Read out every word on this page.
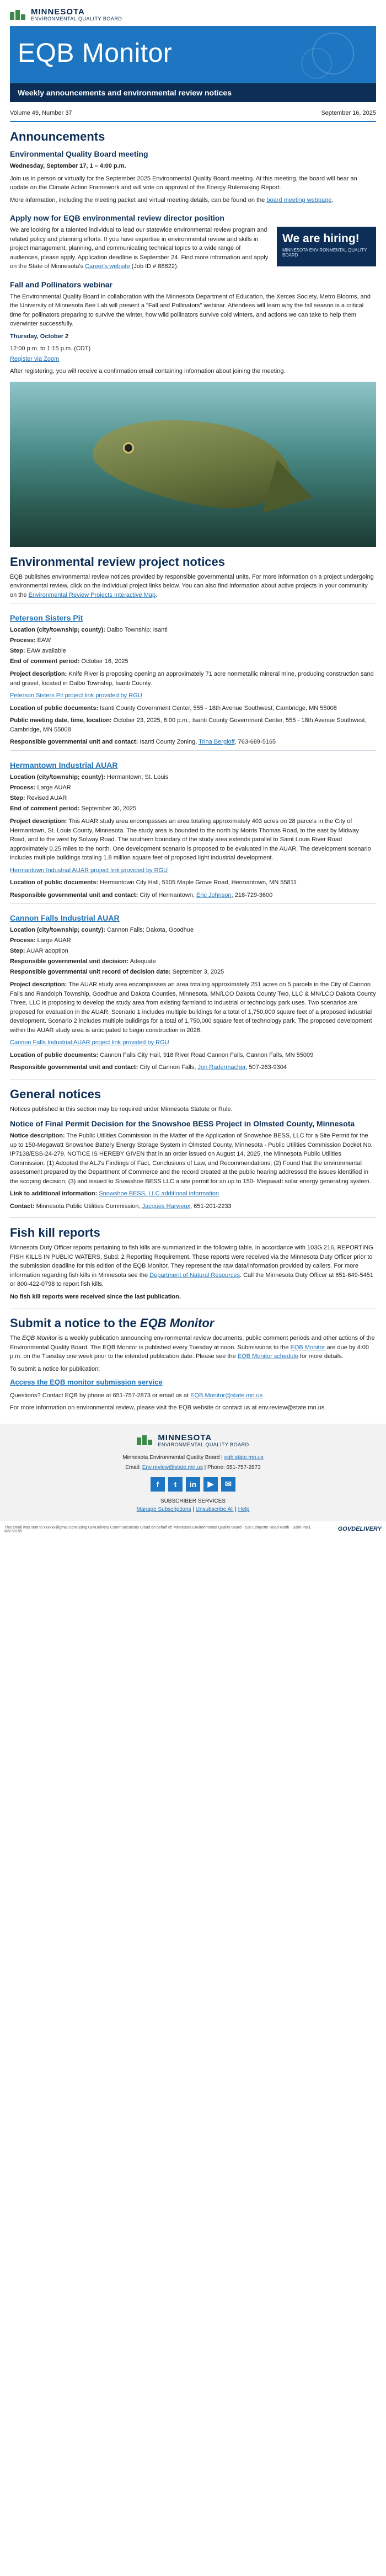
MINNESOTA
ENVIRONMENTAL QUALITY BOARD
EQB Monitor
Weekly announcements and environmental review notices
Volume 49, Number 37	September 16, 2025
Announcements
Environmental Quality Board meeting

Wednesday, September 17, 1 – 4:00 p.m.

Join us in person or virtually for the September 2025 Environmental Quality Board meeting. At this meeting, the board will hear an update on the Climate Action Framework and will vote on approval of the Energy Rulemaking Report.

More information, including the meeting packet and virtual meeting details, can be found on the board meeting webpage.

Apply now for EQB environmental review director position

We are looking for a talented individual to lead our statewide environmental review program and related policy and planning efforts. If you have expertise in environmental review and skills in project management, planning, and communicating technical topics to a wide range of audiences, please apply. Application deadline is September 24. Find more information and apply on the State of Minnesota's Career's website (Job ID # 88622).

We are hiring!
MINNESOTA ENVIRONMENTAL QUALITY BOARD
Fall and Pollinators webinar

The Environmental Quality Board in collaboration with the Minnesota Department of Education, the Xerces Society, Metro Blooms, and the University of Minnesota Bee Lab will present a "Fall and Pollinators" webinar. Attendees will learn why the fall season is a critical time for pollinators preparing to survive the winter, how wild pollinators survive cold winters, and actions we can take to help them overwinter successfully.

Thursday, October 2

12:00 p.m. to 1:15 p.m. (CDT)

Register via Zoom

After registering, you will receive a confirmation email containing information about joining the meeting.

Environmental review project notices

EQB publishes environmental review notices provided by responsible governmental units. For more information on a project undergoing environmental review, click on the individual project links below. You can also find information about active projects in your community on the Environmental Review Projects Interactive Map.

Peterson Sisters Pit
Location (city/township; county): Dalbo Township; Isanti
Process: EAW
Step: EAW available
End of comment period: October 16, 2025

Project description: Knife River is proposing opening an approximately 71 acre nonmetallic mineral mine, producing construction sand and gravel, located in Dalbo Township, Isanti County.

Peterson Sisters Pit project link provided by RGU

Location of public documents: Isanti County Government Center, 555 - 18th Avenue Southwest, Cambridge, MN 55008

Public meeting date, time, location: October 23, 2025, 6:00 p.m., Isanti County Government Center, 555 - 18th Avenue Southwest, Cambridge, MN 55008

Responsible governmental unit and contact: Isanti County Zoning, Trina Bergloff, 763-689-5165

Hermantown Industrial AUAR
Location (city/township; county): Hermantown; St. Louis
Process: Large AUAR
Step: Revised AUAR
End of comment period: September 30, 2025

Project description: This AUAR study area encompasses an area totaling approximately 403 acres on 28 parcels in the City of Hermantown, St. Louis County, Minnesota. The study area is bounded to the north by Morris Thomas Road, to the east by Midway Road, and to the west by Solway Road. The southern boundary of the study area extends parallel to Saint Louis River Road approximately 0.25 miles to the north. One development scenario is proposed to be evaluated in the AUAR. The development scenario includes multiple buildings totaling 1.8 million square feet of proposed light industrial development.

Hermantown Industrial AUAR project link provided by RGU

Location of public documents: Hermantown City Hall, 5105 Maple Grove Road, Hermantown, MN 55811

Responsible governmental unit and contact: City of Hermantown, Eric Johnson, 218-729-3600

Cannon Falls Industrial AUAR
Location (city/township; county): Cannon Falls; Dakota, Goodhue
Process: Large AUAR
Step: AUAR adoption
Responsible governmental unit decision: Adequate
Responsible governmental unit record of decision date: September 3, 2025

Project description: The AUAR study area encompasses an area totaling approximately 251 acres on 5 parcels in the City of Cannon Falls and Randolph Township, Goodhue and Dakota Counties, Minnesota. MN/LCO Dakota County Two, LLC & MN/LCO Dakota County Three, LLC is proposing to develop the study area from existing farmland to industrial or technology park uses. Two scenarios are proposed for evaluation in the AUAR. Scenario 1 includes multiple buildings for a total of 1,750,000 square feet of a proposed industrial development. Scenario 2 includes multiple buildings for a total of 1,750,000 square feet of technology park. The proposed development within the AUAR study area is anticipated to begin construction in 2026.

Cannon Falls Industrial AUAR project link provided by RGU

Location of public documents: Cannon Falls City Hall, 918 River Road Cannon Falls, Cannon Falls, MN 55009

Responsible governmental unit and contact: City of Cannon Falls, Jon Radermacher, 507-263-9304

General notices

Notices published in this section may be required under Minnesota Statute or Rule.

Notice of Final Permit Decision for the Snowshoe BESS Project in Olmsted County, Minnesota

Notice description: The Public Utilities Commission In the Matter of the Application of Snowshoe BESS, LLC for a Site Permit for the up to 150-Megawatt Snowshoe Battery Energy Storage System in Olmsted County, Minnesota - Public Utilities Commission Docket No. IP7138/ESS-24-279. NOTICE IS HEREBY GIVEN that in an order issued on August 14, 2025, the Minnesota Public Utilities Commission: (1) Adopted the ALJ's Findings of Fact, Conclusions of Law, and Recommendations; (2) Found that the environmental assessment prepared by the Department of Commerce and the record created at the public hearing addressed the issues identified in the scoping decision; (3) and issued to Snowshoe BESS LLC a site permit for an up to 150- Megawatt solar energy generating system.

Link to additional information: Snowshoe BESS, LLC additional information

Contact: Minnesota Public Utilities Commission, Jacques Harvieux, 651-201-2233

Fish kill reports

Minnesota Duty Officer reports pertaining to fish kills are summarized in the following table, in accordance with 103G.216, REPORTING FISH KILLS IN PUBLIC WATERS, Subd. 2 Reporting Requirement. These reports were received via the Minnesota Duty Officer prior to the submission deadline for this edition of the EQB Monitor. They represent the raw data/information provided by callers. For more information regarding fish kills in Minnesota see the Department of Natural Resources. Call the Minnesota Duty Officer at 651-649-5451 or 800-422-0798 to report fish kills.

No fish kill reports were received since the last publication.

Submit a notice to the EQB Monitor

The EQB Monitor is a weekly publication announcing environmental review documents, public comment periods and other actions of the Environmental Quality Board. The EQB Monitor is published every Tuesday at noon. Submissions to the EQB Monitor are due by 4:00 p.m. on the Tuesday one week prior to the intended publication date. Please see the EQB Monitor schedule for more details.

To submit a notice for publication:

Access the EQB monitor submission service

Questions? Contact EQB by phone at 651-757-2873 or email us at EQB.Monitor@state.mn.us

For more information on environmental review, please visit the EQB website or contact us at env.review@state.mn.us.

MINNESOTA
ENVIRONMENTAL QUALITY BOARD

Minnesota Environmental Quality Board | eqb.state.mn.us

Email: Env.review@state.mn.us | Phone: 651-757-2873

f	t	in	▶	✉
SUBSCRIBER SERVICES
Manage Subscriptions | Unsubscribe All | Help
This email was sent to xxxxxx@gmail.com using GovDelivery Communications Cloud on behalf of: Minnesota Environmental Quality Board · 520 Lafayette Road North · Saint Paul, MN 55155	GOVDELIVERY
